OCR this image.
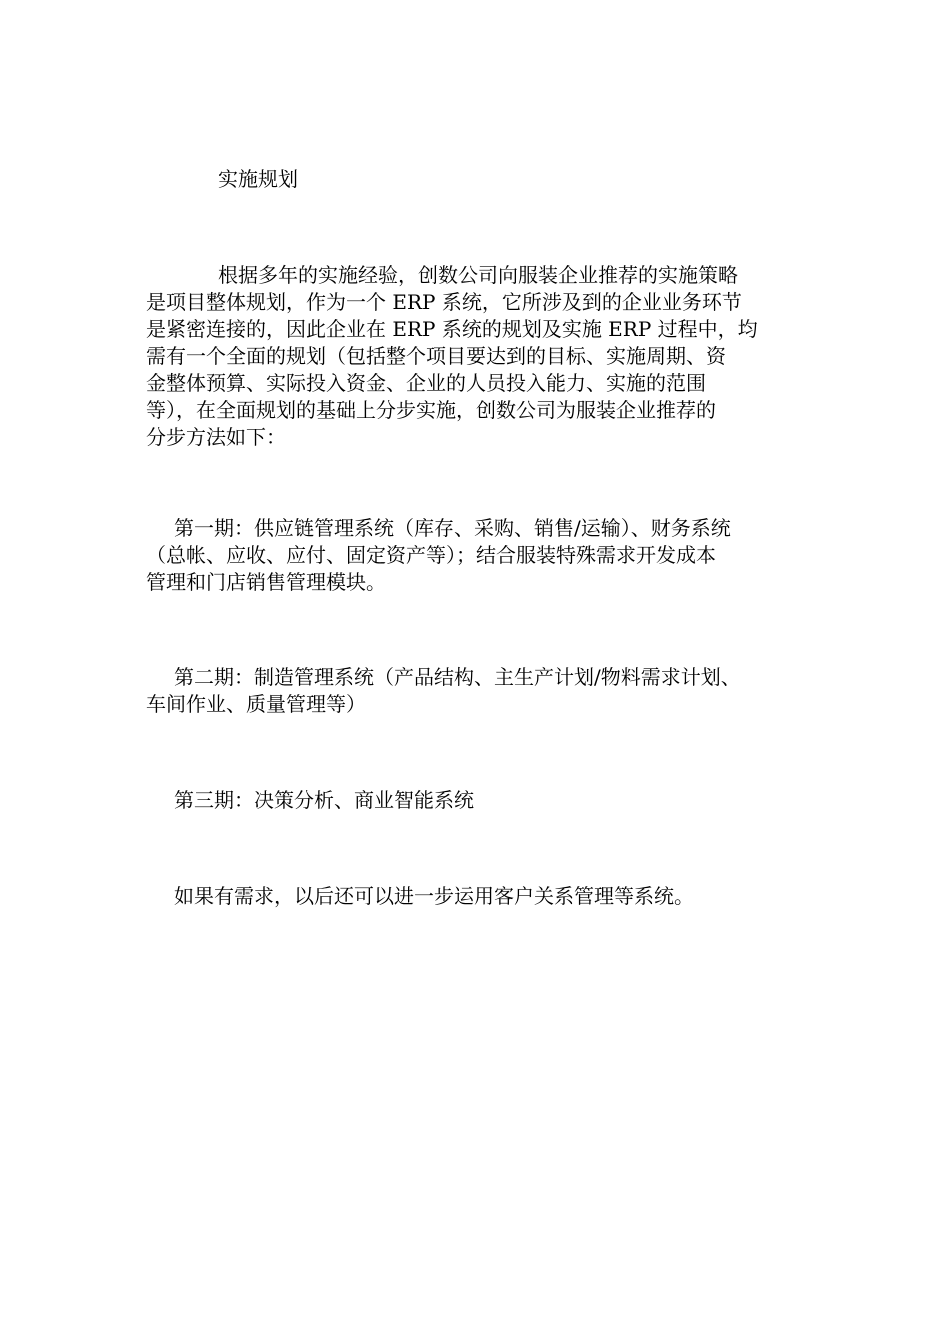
实施规划
根据多年的实施经验，创数公司向服装企业推荐的实施策略
是项目整体规划，作为一个 ERP 系统，它所涉及到的企业业务环节
是紧密连接的，因此企业在 ERP 系统的规划及实施 ERP 过程中，均
需有一个全面的规划（包括整个项目要达到的目标、实施周期、资
金整体预算、实际投入资金、企业的人员投入能力、实施的范围
等），在全面规划的基础上分步实施，创数公司为服装企业推荐的
分步方法如下：
第一期：供应链管理系统（库存、采购、销售/运输）、财务系统
（总帐、应收、应付、固定资产等）；结合服装特殊需求开发成本
管理和门店销售管理模块。
第二期：制造管理系统（产品结构、主生产计划/物料需求计划、
车间作业、质量管理等）
第三期：决策分析、商业智能系统
如果有需求，以后还可以进一步运用客户关系管理等系统。
